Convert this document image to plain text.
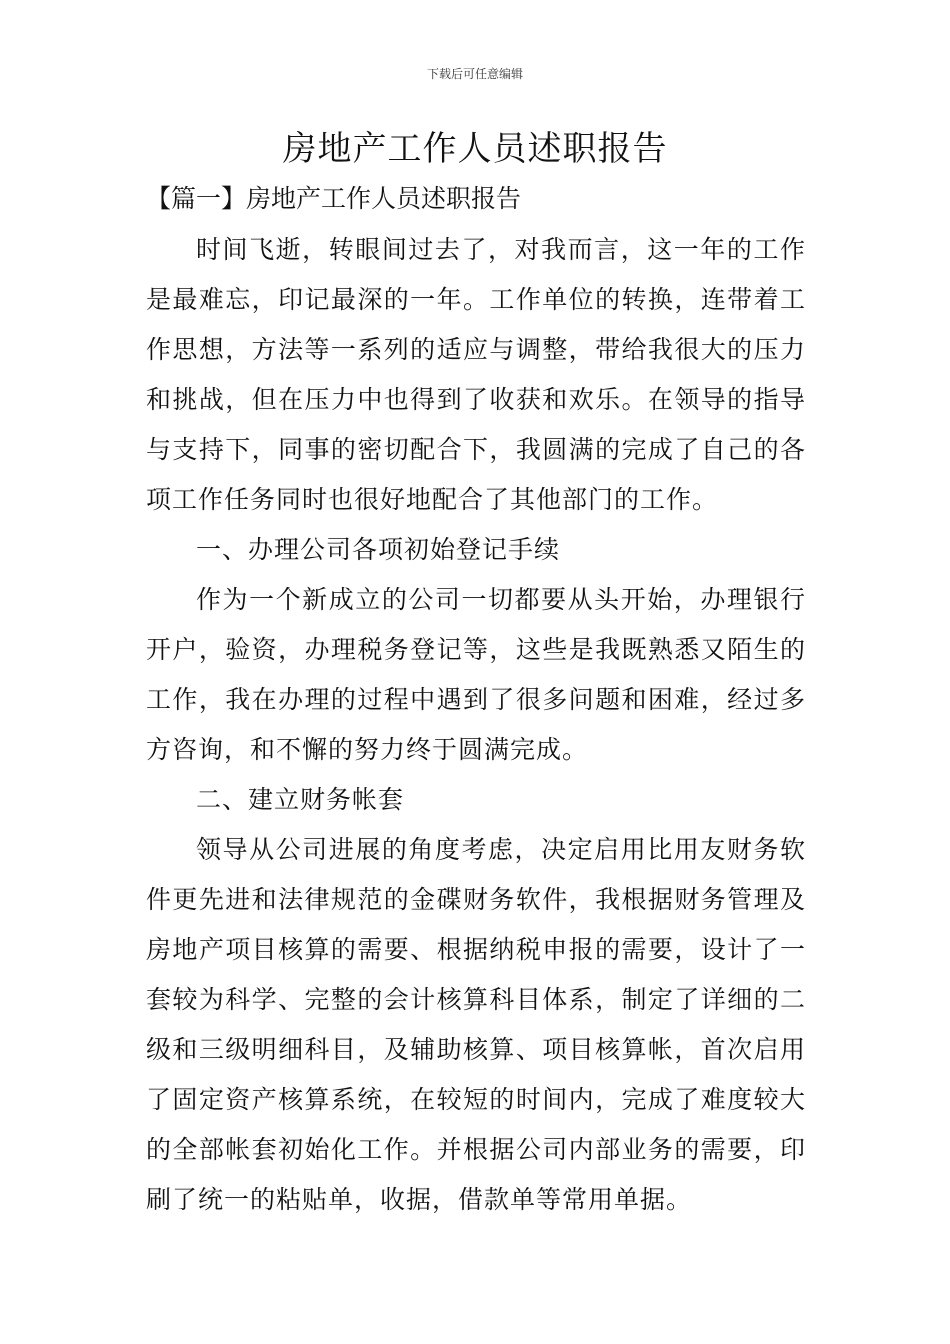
下载后可任意编辑
房地产工作人员述职报告
【篇一】房地产工作人员述职报告

时间飞逝，转眼间过去了，对我而言，这一年的工作是最难忘，印记最深的一年。工作单位的转换，连带着工作思想，方法等一系列的适应与调整，带给我很大的压力和挑战，但在压力中也得到了收获和欢乐。在领导的指导与支持下，同事的密切配合下，我圆满的完成了自己的各项工作任务同时也很好地配合了其他部门的工作。

一、办理公司各项初始登记手续

作为一个新成立的公司一切都要从头开始，办理银行开户，验资，办理税务登记等，这些是我既熟悉又陌生的工作，我在办理的过程中遇到了很多问题和困难，经过多方咨询，和不懈的努力终于圆满完成。

二、建立财务帐套

领导从公司进展的角度考虑，决定启用比用友财务软件更先进和法律规范的金碟财务软件，我根据财务管理及房地产项目核算的需要、根据纳税申报的需要，设计了一套较为科学、完整的会计核算科目体系，制定了详细的二级和三级明细科目，及辅助核算、项目核算帐，首次启用了固定资产核算系统，在较短的时间内，完成了难度较大的全部帐套初始化工作。并根据公司内部业务的需要，印刷了统一的粘贴单，收据，借款单等常用单据。
